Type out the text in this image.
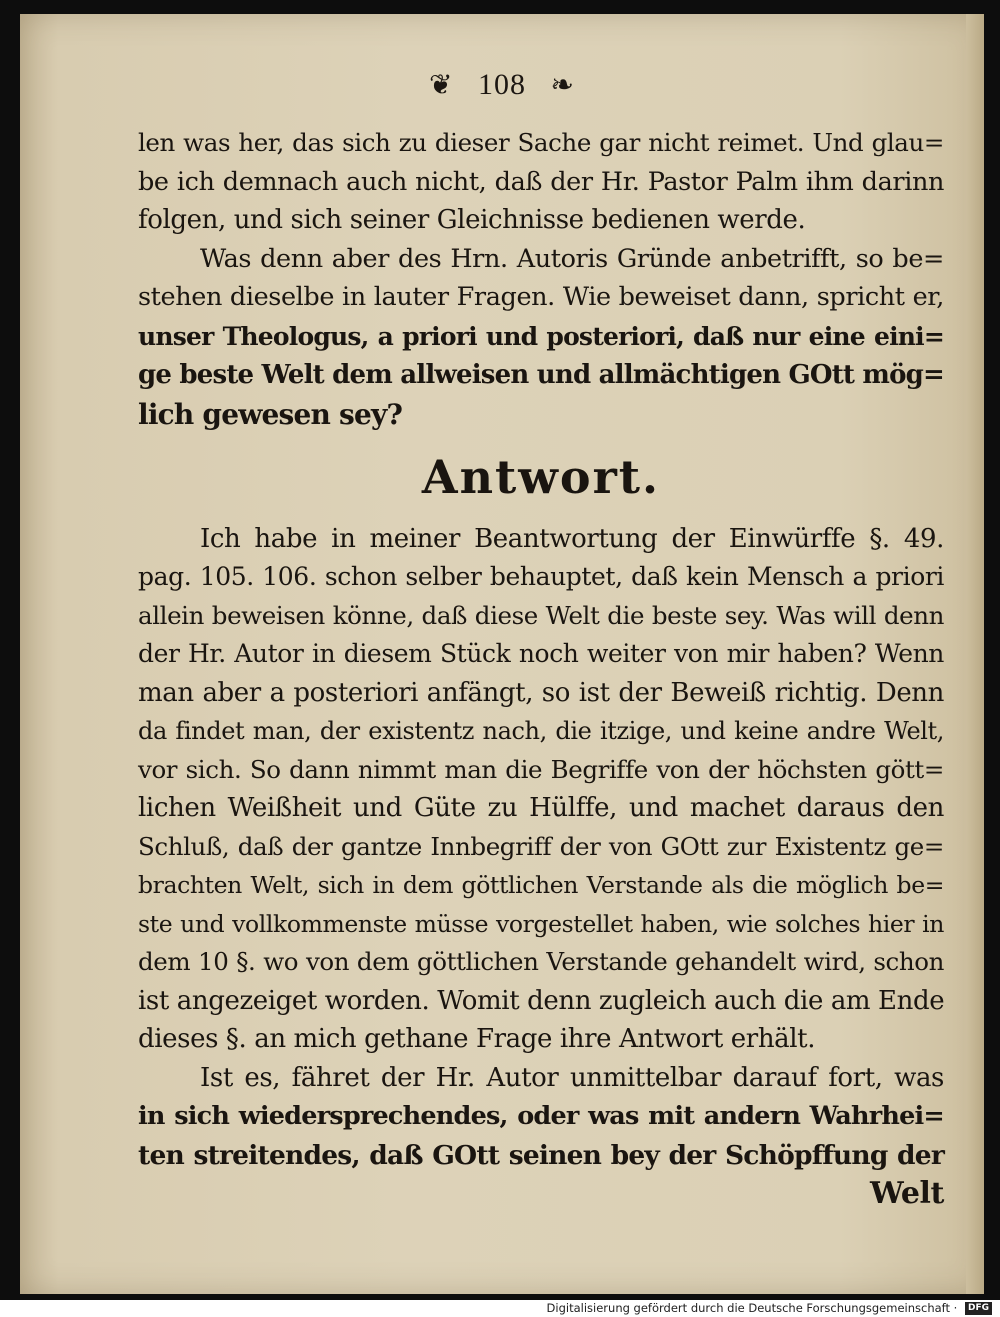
❦ 108 ❧
len was her, das sich zu dieser Sache gar nicht reimet. Und glau=
be ich demnach auch nicht, daß der Hr. Pastor Palm ihm darinn
folgen, und sich seiner Gleichnisse bedienen werde.
Was denn aber des Hrn. Autoris Gründe anbetrifft, so be=
stehen dieselbe in lauter Fragen. Wie beweiset dann, spricht er,
unser Theologus, a priori und posteriori, daß nur eine eini=
ge beste Welt dem allweisen und allmächtigen GOtt mög=
lich gewesen sey?
Antwort.
Ich habe in meiner Beantwortung der Einwürffe §. 49.
pag. 105. 106. schon selber behauptet, daß kein Mensch a priori
allein beweisen könne, daß diese Welt die beste sey. Was will denn
der Hr. Autor in diesem Stück noch weiter von mir haben? Wenn
man aber a posteriori anfängt, so ist der Beweiß richtig. Denn
da findet man, der existentz nach, die itzige, und keine andre Welt,
vor sich. So dann nimmt man die Begriffe von der höchsten gött=
lichen Weißheit und Güte zu Hülffe, und machet daraus den
Schluß, daß der gantze Innbegriff der von GOtt zur Existentz ge=
brachten Welt, sich in dem göttlichen Verstande als die möglich be=
ste und vollkommenste müsse vorgestellet haben, wie solches hier in
dem 10 §. wo von dem göttlichen Verstande gehandelt wird, schon
ist angezeiget worden. Womit denn zugleich auch die am Ende
dieses §. an mich gethane Frage ihre Antwort erhält.
Ist es, fähret der Hr. Autor unmittelbar darauf fort, was
in sich wiedersprechendes, oder was mit andern Wahrhei=
ten streitendes, daß GOtt seinen bey der Schöpffung der
Welt
Digitalisierung gefördert durch die Deutsche Forschungsgemeinschaft · DFG
